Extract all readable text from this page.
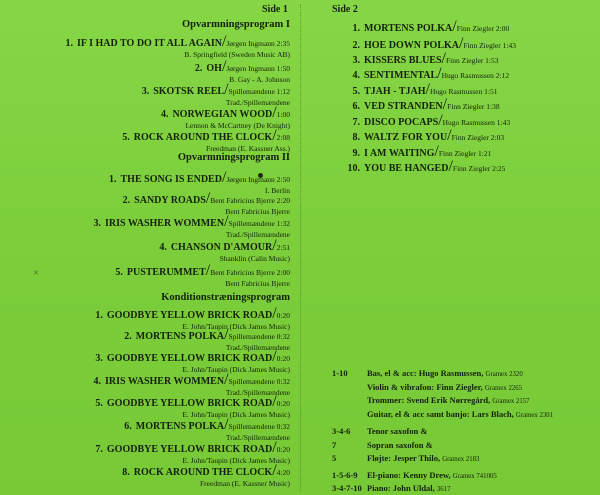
×
Side 1
Opvarmningsprogram I
1. IF I HAD TO DO IT ALL AGAIN/Jørgen Ingmann 2:35
B. Springfield (Sweden Music AB)
2. OH/Jørgen Ingmann 1:50
B. Gay - A. Johnson
3. SKOTSK REEL/Spillemændene 1:12
Trad./Spillemændene
4. NORWEGIAN WOOD/1:00
Lennon & McCartney (De Knight)
5. ROCK AROUND THE CLOCK/2:08
Freedman (E. Kassner Ass.)
Opvarmningsprogram II
1. THE SONG IS ENDED/Jørgen Ingmann 2:50
I. Berlin
2. SANDY ROADS/Bent Fabricius Bjerre 2:20
Bent Fabricius Bjerre
3. IRIS WASHER WOMMEN/Spillemændene 1:32
Trad./Spillemændene
4. CHANSON D'AMOUR/2:51
Shanklin (Calin Music)
5. PUSTERUMMET/Bent Fabricius Bjerre 2:00
Bent Fabricius Bjerre
Konditionstræningsprogram
1. GOODBYE YELLOW BRICK ROAD/0:20
E. John/Taupin (Dick James Music)
2. MORTENS POLKA/Spillemændene 0:32
Trad./Spillemændene
3. GOODBYE YELLOW BRICK ROAD/0:20
E. John/Taupin (Dick James Music)
4. IRIS WASHER WOMMEN/Spillemændene 0:32
Trad./Spillemændene
5. GOODBYE YELLOW BRICK ROAD/0:20
E. John/Taupin (Dick James Music)
6. MORTENS POLKA/Spillemændene 0:32
Trad./Spillemændene
7. GOODBYE YELLOW BRICK ROAD/0:20
E. John/Taupin (Dick James Music)
8. ROCK AROUND THE CLOCK/4:20
Freedman (E. Kassner Music)
Side 2
1-10 Bas, el & acc: Hugo Rasmussen, Gramex 2320
Violin & vibrafon: Finn Ziegler, Gramex 2265
Trommer: Svend Erik Nørregård, Gramex 2157
Guitar, el & acc samt banjo: Lars Blach, Gramex 2301
3-4-6 Tenor saxofon &
7	Sopran saxofon &
5	Fløjte: Jesper Thilo, Gramex 2183
1-5-6-9 El-piano: Kenny Drew, Gramex 741005
3-4-7-10 Piano: John Uldal, 3617
1. MORTENS POLKA/Finn Ziegler 2:00
2. HOE DOWN POLKA/Finn Ziegler 1:43
3. KISSERS BLUES/Finn Ziegler 1:53
4. SENTIMENTAL/Hugo Rasmussen 2:12
5. TJAH - TJAH/Hugo Rasmussen 1:51
6. VED STRANDEN/Finn Ziegler 1:38
7. DISCO POCAPS/Hugo Rasmussen 1:43
8. WALTZ FOR YOU/Finn Ziegler 2:03
9. I AM WAITING/Finn Ziegler 1:21
10. YOU BE HANGED/Finn Ziegler 2:25
